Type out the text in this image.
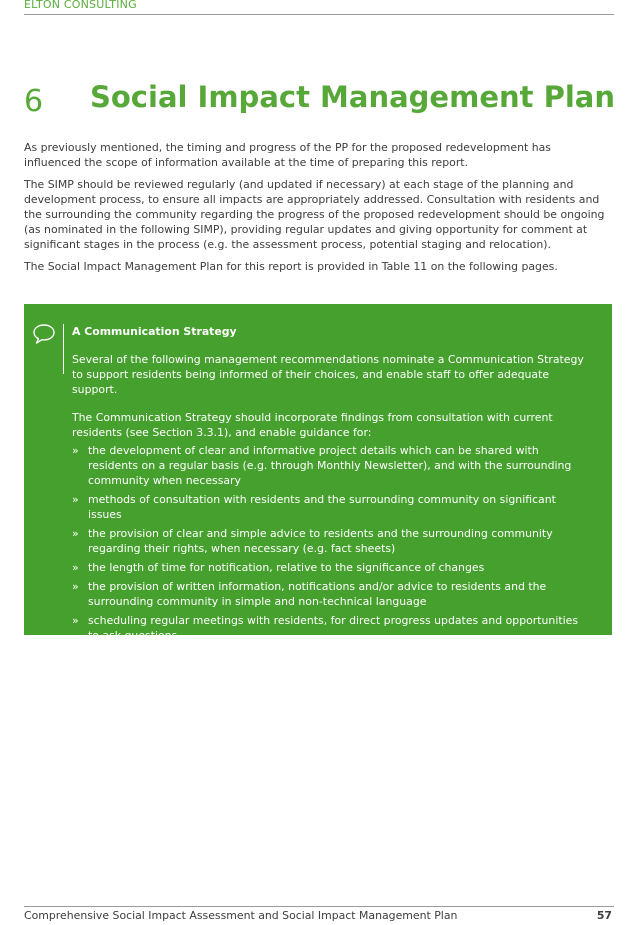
ELTON CONSULTING
6 Social Impact Management Plan

As previously mentioned, the timing and progress of the PP for the proposed redevelopment has influenced the scope of information available at the time of preparing this report.

The SIMP should be reviewed regularly (and updated if necessary) at each stage of the planning and development process, to ensure all impacts are appropriately addressed. Consultation with residents and the surrounding the community regarding the progress of the proposed redevelopment should be ongoing (as nominated in the following SIMP), providing regular updates and giving opportunity for comment at significant stages in the process (e.g. the assessment process, potential staging and relocation).

The Social Impact Management Plan for this report is provided in Table 11 on the following pages.

A Communication Strategy

Several of the following management recommendations nominate a Communication Strategy to support residents being informed of their choices, and enable staff to offer adequate support.

The Communication Strategy should incorporate findings from consultation with current residents (see Section 3.3.1), and enable guidance for:

» the development of clear and informative project details which can be shared with residents on a regular basis (e.g. through Monthly Newsletter), and with the surrounding community when necessary
» methods of consultation with residents and the surrounding community on significant issues
» the provision of clear and simple advice to residents and the surrounding community regarding their rights, when necessary (e.g. fact sheets)
» the length of time for notification, relative to the significance of changes
» the provision of written information, notifications and/or advice to residents and the surrounding community in simple and non-technical language
» scheduling regular meetings with residents, for direct progress updates and opportunities to ask questions.
Comprehensive Social Impact Assessment and Social Impact Management Plan	57
